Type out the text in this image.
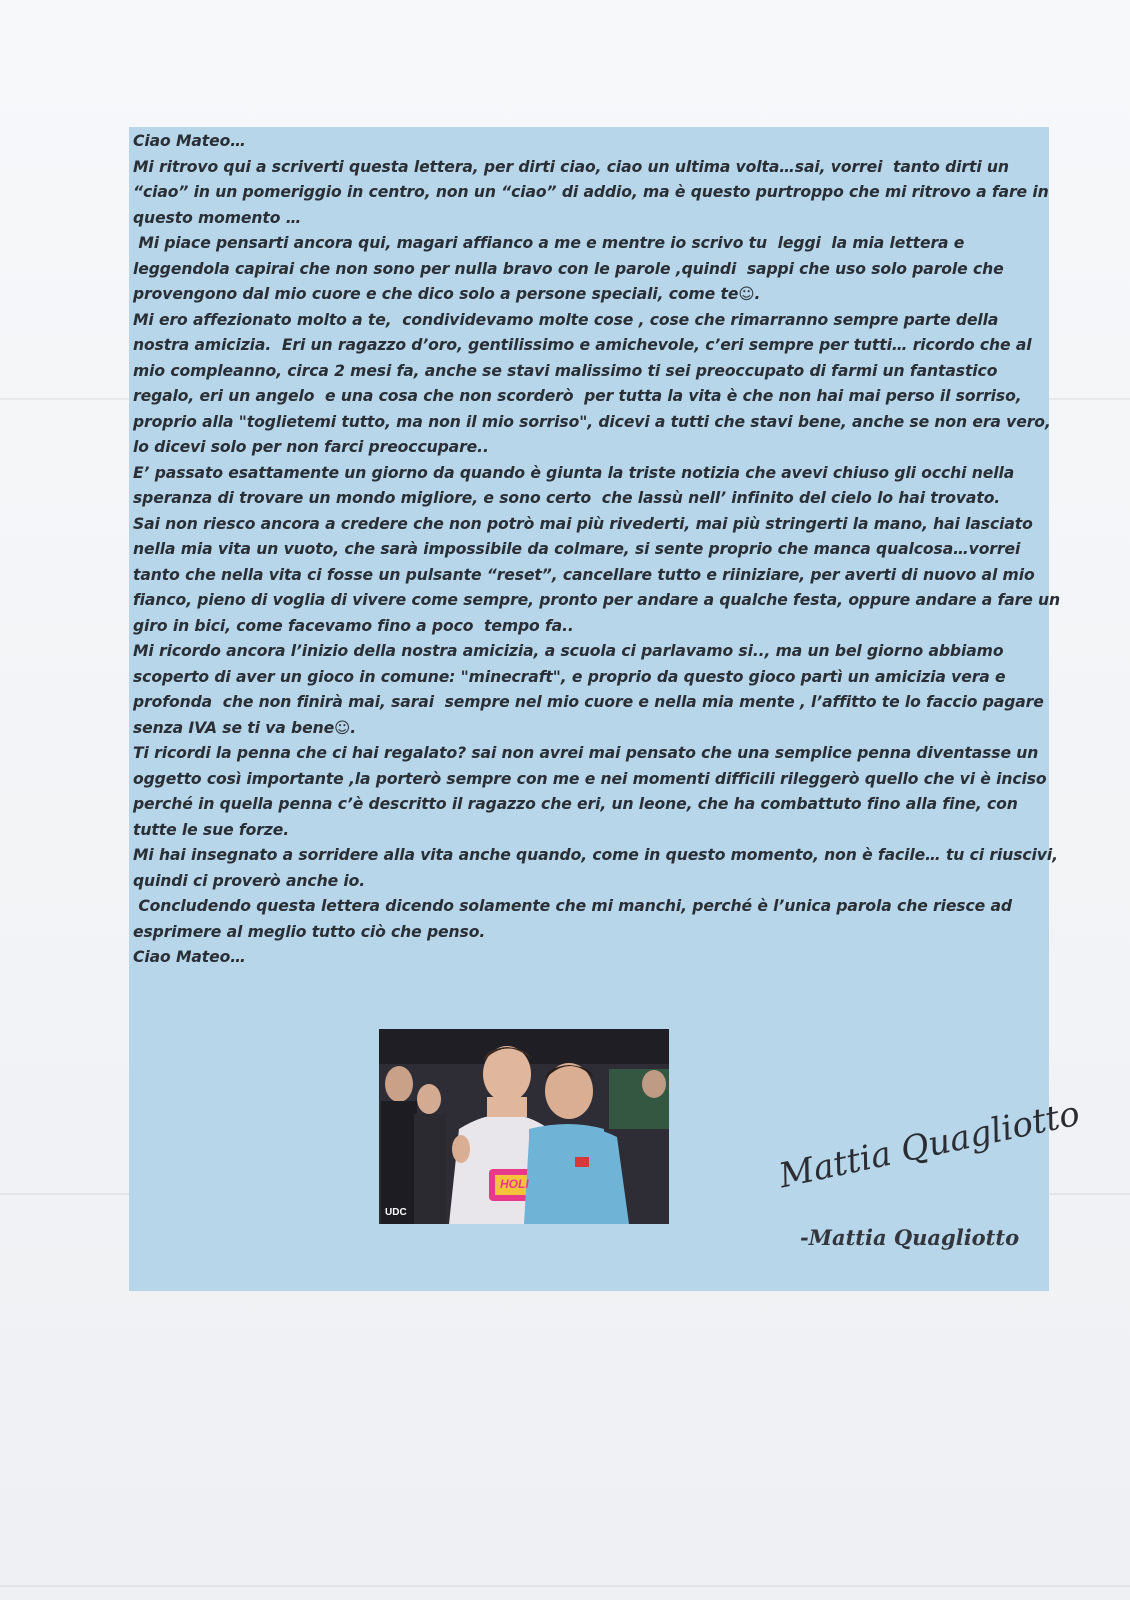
Ciao Mateo…

Mi ritrovo qui a scriverti questa lettera, per dirti ciao, ciao un ultima volta…sai, vorrei  tanto dirti un

“ciao” in un pomeriggio in centro, non un “ciao” di addio, ma è questo purtroppo che mi ritrovo a fare in

questo momento …

Mi piace pensarti ancora qui, magari affianco a me e mentre io scrivo tu  leggi  la mia lettera e

leggendola capirai che non sono per nulla bravo con le parole ,quindi  sappi che uso solo parole che

provengono dal mio cuore e che dico solo a persone speciali, come te☺.

Mi ero affezionato molto a te,  condividevamo molte cose , cose che rimarranno sempre parte della

nostra amicizia.  Eri un ragazzo d’oro, gentilissimo e amichevole, c’eri sempre per tutti… ricordo che al

mio compleanno, circa 2 mesi fa, anche se stavi malissimo ti sei preoccupato di farmi un fantastico

regalo, eri un angelo  e una cosa che non scorderò  per tutta la vita è che non hai mai perso il sorriso,

proprio alla "toglietemi tutto, ma non il mio sorriso", dicevi a tutti che stavi bene, anche se non era vero,

lo dicevi solo per non farci preoccupare..

E’ passato esattamente un giorno da quando è giunta la triste notizia che avevi chiuso gli occhi nella

speranza di trovare un mondo migliore, e sono certo  che lassù nell’ infinito del cielo lo hai trovato.

Sai non riesco ancora a credere che non potrò mai più rivederti, mai più stringerti la mano, hai lasciato

nella mia vita un vuoto, che sarà impossibile da colmare, si sente proprio che manca qualcosa…vorrei

tanto che nella vita ci fosse un pulsante “reset”, cancellare tutto e riiniziare, per averti di nuovo al mio

fianco, pieno di voglia di vivere come sempre, pronto per andare a qualche festa, oppure andare a fare un

giro in bici, come facevamo fino a poco  tempo fa..

Mi ricordo ancora l’inizio della nostra amicizia, a scuola ci parlavamo si.., ma un bel giorno abbiamo

scoperto di aver un gioco in comune: "minecraft", e proprio da questo gioco partì un amicizia vera e

profonda  che non finirà mai, sarai  sempre nel mio cuore e nella mia mente , l’affitto te lo faccio pagare

senza IVA se ti va bene☺.

Ti ricordi la penna che ci hai regalato? sai non avrei mai pensato che una semplice penna diventasse un

oggetto così importante ,la porterò sempre con me e nei momenti difficili rileggerò quello che vi è inciso

perché in quella penna c’è descritto il ragazzo che eri, un leone, che ha combattuto fino alla fine, con

tutte le sue forze.

Mi hai insegnato a sorridere alla vita anche quando, come in questo momento, non è facile… tu ci riuscivi,

quindi ci proverò anche io.

Concludendo questa lettera dicendo solamente che mi manchi, perché è l’unica parola che riesce ad

esprimere al meglio tutto ciò che penso.

Ciao Mateo…

UDC
HOLI	Mattia Quagliotto
-Mattia Quagliotto
